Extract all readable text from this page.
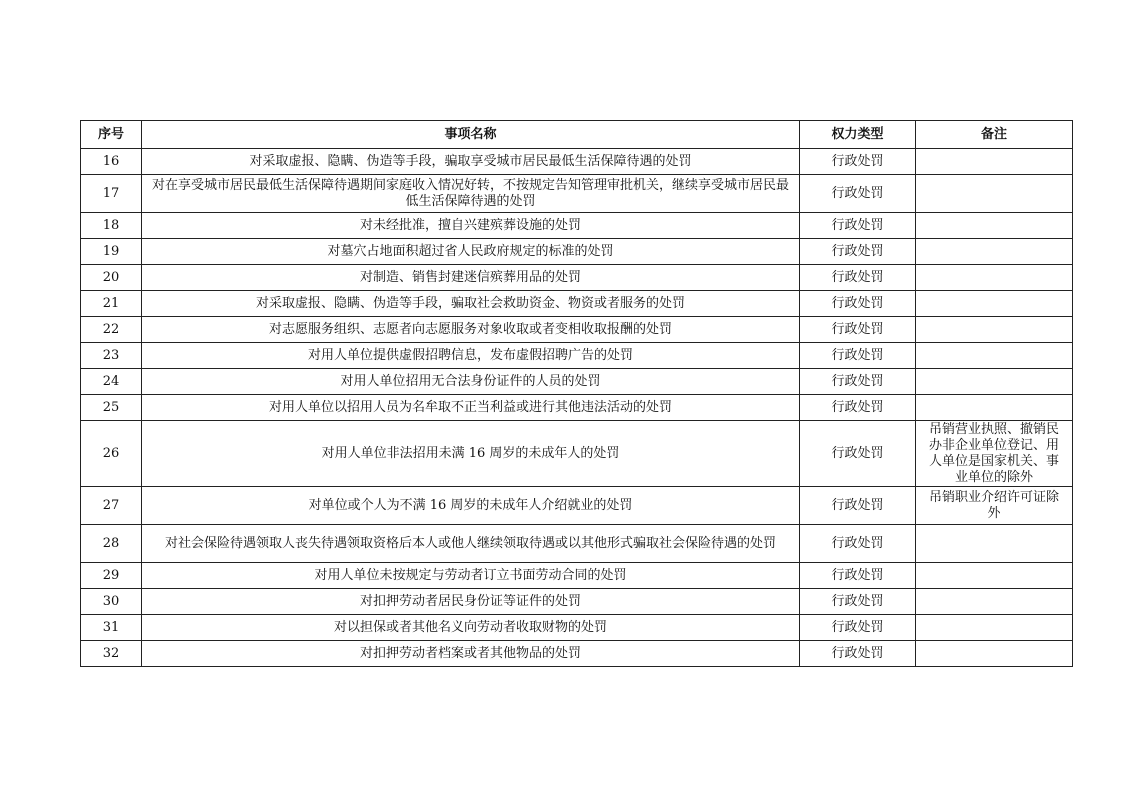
序号	事项名称	权力类型	备注
16	对采取虚报、隐瞒、伪造等手段，骗取享受城市居民最低生活保障待遇的处罚	行政处罚	
17	对在享受城市居民最低生活保障待遇期间家庭收入情况好转，不按规定告知管理审批机关，继续享受城市居民最低生活保障待遇的处罚	行政处罚	
18	对未经批准，擅自兴建殡葬设施的处罚	行政处罚	
19	对墓穴占地面积超过省人民政府规定的标准的处罚	行政处罚	
20	对制造、销售封建迷信殡葬用品的处罚	行政处罚	
21	对采取虚报、隐瞒、伪造等手段，骗取社会救助资金、物资或者服务的处罚	行政处罚	
22	对志愿服务组织、志愿者向志愿服务对象收取或者变相收取报酬的处罚	行政处罚	
23	对用人单位提供虚假招聘信息，发布虚假招聘广告的处罚	行政处罚	
24	对用人单位招用无合法身份证件的人员的处罚	行政处罚	
25	对用人单位以招用人员为名牟取不正当利益或进行其他违法活动的处罚	行政处罚	
26	对用人单位非法招用未满 16 周岁的未成年人的处罚	行政处罚	吊销营业执照、撤销民办非企业单位登记、用人单位是国家机关、事业单位的除外
27	对单位或个人为不满 16 周岁的未成年人介绍就业的处罚	行政处罚	吊销职业介绍许可证除外
28	对社会保险待遇领取人丧失待遇领取资格后本人或他人继续领取待遇或以其他形式骗取社会保险待遇的处罚	行政处罚	
29	对用人单位未按规定与劳动者订立书面劳动合同的处罚	行政处罚	
30	对扣押劳动者居民身份证等证件的处罚	行政处罚	
31	对以担保或者其他名义向劳动者收取财物的处罚	行政处罚	
32	对扣押劳动者档案或者其他物品的处罚	行政处罚	
